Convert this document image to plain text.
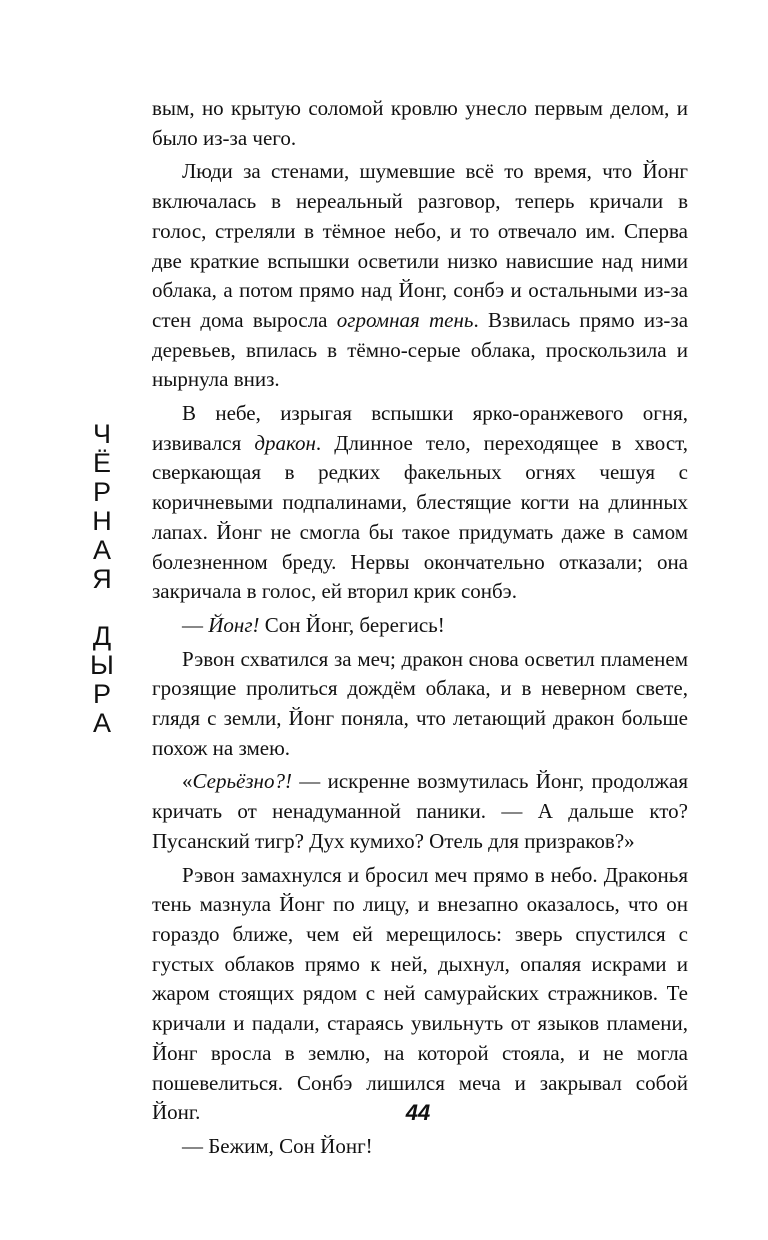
Ч
Ё
Р
Н
А
Я
Д
Ы
Р
А

вым, но крытую соломой кровлю унесло первым делом, и было из-за чего.

Люди за стенами, шумевшие всё то время, что Йонг включалась в нереальный разговор, теперь кричали в голос, стреляли в тёмное небо, и то отвечало им. Сперва две краткие вспышки осветили низко нависшие над ними облака, а потом прямо над Йонг, сонбэ и остальными из-за стен дома выросла огромная тень. Взвилась прямо из-за деревьев, впилась в тёмно-серые облака, проскользила и нырнула вниз.

В небе, изрыгая вспышки ярко-оранжевого огня, извивался дракон. Длинное тело, переходящее в хвост, сверкающая в редких факельных огнях чешуя с коричневыми подпалинами, блестящие когти на длинных лапах. Йонг не смогла бы такое придумать даже в самом болезненном бреду. Нервы окончательно отказали; она закричала в голос, ей вторил крик сонбэ.

— Йонг! Сон Йонг, берегись!

Рэвон схватился за меч; дракон снова осветил пламенем грозящие пролиться дождём облака, и в неверном свете, глядя с земли, Йонг поняла, что летающий дракон больше похож на змею.

«Серьёзно?! — искренне возмутилась Йонг, продолжая кричать от ненадуманной паники. — А дальше кто? Пусанский тигр? Дух кумихо? Отель для призраков?»

Рэвон замахнулся и бросил меч прямо в небо. Драконья тень мазнула Йонг по лицу, и внезапно оказалось, что он гораздо ближе, чем ей мерещилось: зверь спустился с густых облаков прямо к ней, дыхнул, опаляя искрами и жаром стоящих рядом с ней самурайских стражников. Те кричали и падали, стараясь увильнуть от языков пламени, Йонг вросла в землю, на которой стояла, и не могла пошевелиться. Сонбэ лишился меча и закрывал собой Йонг.

— Бежим, Сон Йонг!

44
